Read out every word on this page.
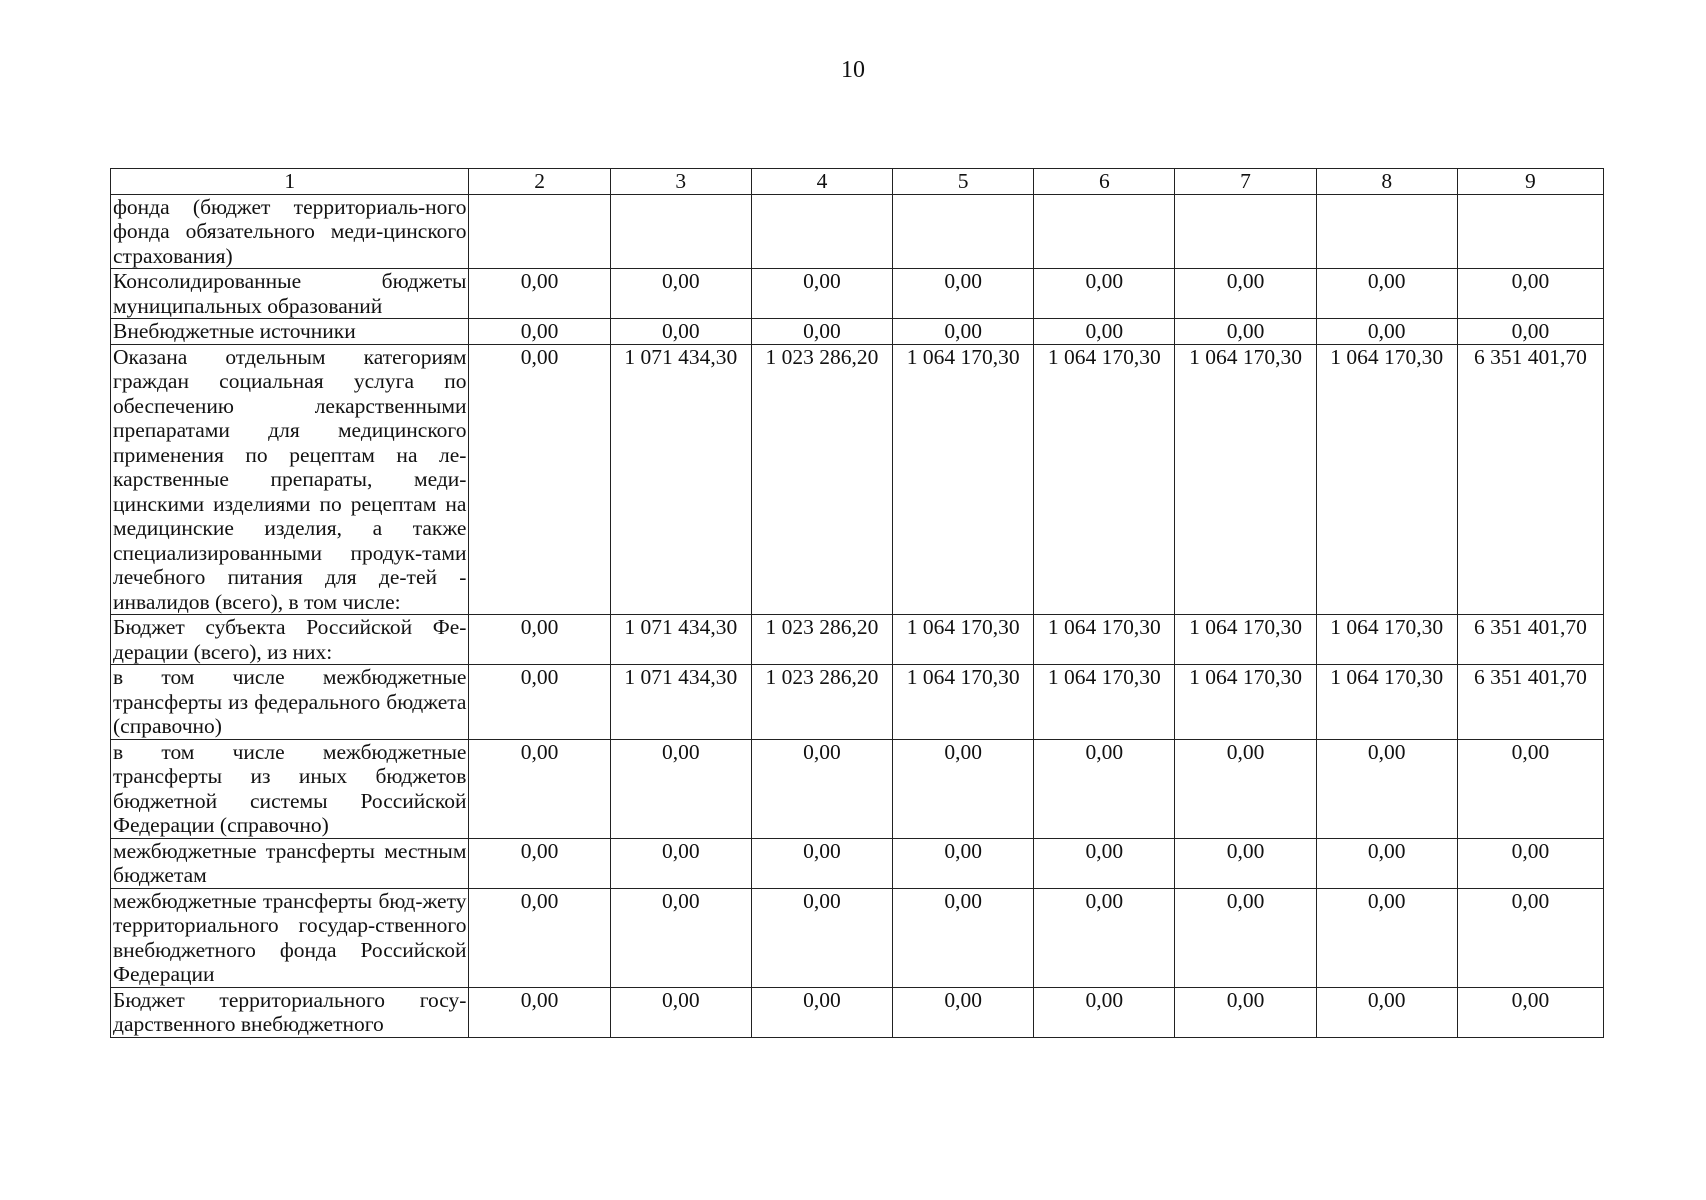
10
1	2	3	4	5	6	7	8	9
фонда (бюджет территориаль-ного фонда обязательного меди-цинского страхования)								
Консолидированные бюджеты муниципальных образований	0,00	0,00	0,00	0,00	0,00	0,00	0,00	0,00
Внебюджетные источники	0,00	0,00	0,00	0,00	0,00	0,00	0,00	0,00
Оказана отдельным категориям граждан социальная услуга по обеспечению лекарственными препаратами для медицинского применения по рецептам на ле-карственные препараты, меди-цинскими изделиями по рецептам на медицинские изделия, а также специализированными продук-тами лечебного питания для де-тей - инвалидов (всего), в том числе:	0,00	1 071 434,30	1 023 286,20	1 064 170,30	1 064 170,30	1 064 170,30	1 064 170,30	6 351 401,70
Бюджет субъекта Российской Фе-дерации (всего), из них:	0,00	1 071 434,30	1 023 286,20	1 064 170,30	1 064 170,30	1 064 170,30	1 064 170,30	6 351 401,70
в том числе межбюджетные трансферты из федерального бюджета (справочно)	0,00	1 071 434,30	1 023 286,20	1 064 170,30	1 064 170,30	1 064 170,30	1 064 170,30	6 351 401,70
в том числе межбюджетные трансферты из иных бюджетов бюджетной системы Российской Федерации (справочно)	0,00	0,00	0,00	0,00	0,00	0,00	0,00	0,00
межбюджетные трансферты местным бюджетам	0,00	0,00	0,00	0,00	0,00	0,00	0,00	0,00
межбюджетные трансферты бюд-жету территориального государ-ственного внебюджетного фонда Российской Федерации	0,00	0,00	0,00	0,00	0,00	0,00	0,00	0,00
Бюджет территориального госу-дарственного внебюджетного	0,00	0,00	0,00	0,00	0,00	0,00	0,00	0,00
